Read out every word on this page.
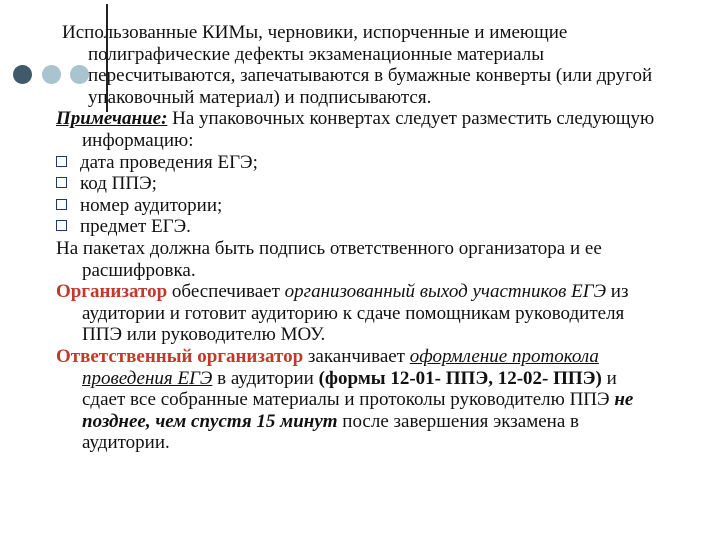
Использованные КИМы, черновики, испорченные и имеющие полиграфические дефекты экзаменационные материалы пересчитываются, запечатываются в бумажные конверты (или другой упаковочный материал) и подписываются.

Примечание: На упаковочных конвертах следует разместить следующую информацию:

дата проведения ЕГЭ;

код ППЭ;

номер аудитории;

предмет ЕГЭ.

На пакетах должна быть подпись ответственного организатора и ее расшифровка.

Организатор обеспечивает организованный выход участников ЕГЭ из аудитории и готовит аудиторию к сдаче помощникам руководителя ППЭ или руководителю МОУ.

Ответственный организатор заканчивает оформление протокола проведения ЕГЭ в аудитории (формы 12-01- ППЭ, 12-02- ППЭ) и сдает все собранные материалы и протоколы руководителю ППЭ не позднее, чем спустя 15 минут после завершения экзамена в аудитории.
